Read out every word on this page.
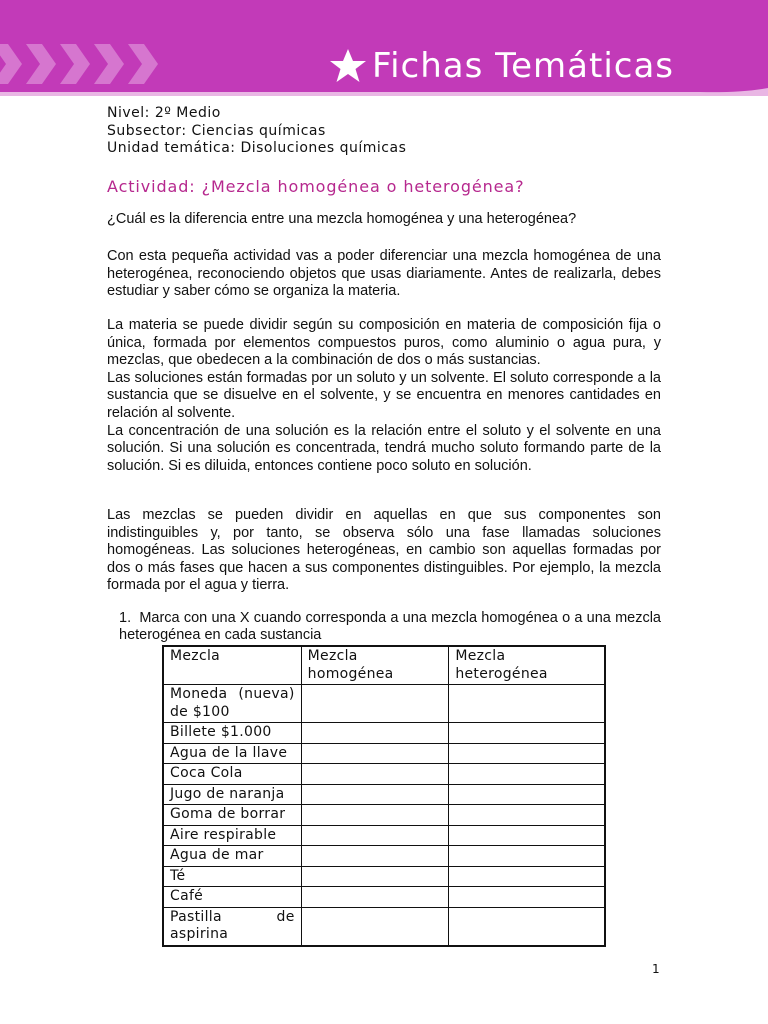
Fichas Temáticas
Nivel: 2º Medio
Subsector: Ciencias químicas
Unidad temática: Disoluciones químicas
Actividad: ¿Mezcla homogénea o heterogénea?

¿Cuál es la diferencia entre una mezcla homogénea y una heterogénea?

Con esta pequeña actividad vas a poder diferenciar una mezcla homogénea de una heterogénea, reconociendo objetos que usas diariamente. Antes de realizarla, debes estudiar y saber cómo se organiza la materia.

La materia se puede dividir según su composición en materia de composición fija o única, formada por elementos compuestos puros, como aluminio o agua pura, y mezclas, que obedecen a la combinación de dos o más sustancias.
Las soluciones están formadas por un soluto y un solvente. El soluto corresponde a la sustancia que se disuelve en el solvente, y se encuentra en menores cantidades en relación al solvente.
La concentración de una solución es la relación entre el soluto y el solvente en una solución. Si una solución es concentrada, tendrá mucho soluto formando parte de la solución. Si es diluida, entonces contiene poco soluto en solución.

Las mezclas se pueden dividir en aquellas en que sus componentes son indistinguibles y, por tanto, se observa sólo una fase llamadas soluciones homogéneas. Las soluciones heterogéneas, en cambio son aquellas formadas por dos o más fases que hacen a sus componentes distinguibles. Por ejemplo, la mezcla formada por el agua y tierra.

1. Marca con una X cuando corresponda a una mezcla homogénea o a una mezcla heterogénea en cada sustancia
Mezcla	Mezcla homogénea	Mezcla heterogénea
Moneda (nueva) de $100		
Billete $1.000		
Agua de la llave		
Coca Cola		
Jugo de naranja		
Goma de borrar		
Aire respirable		
Agua de mar		
Té		
Café		
Pastilla de aspirina		
1
